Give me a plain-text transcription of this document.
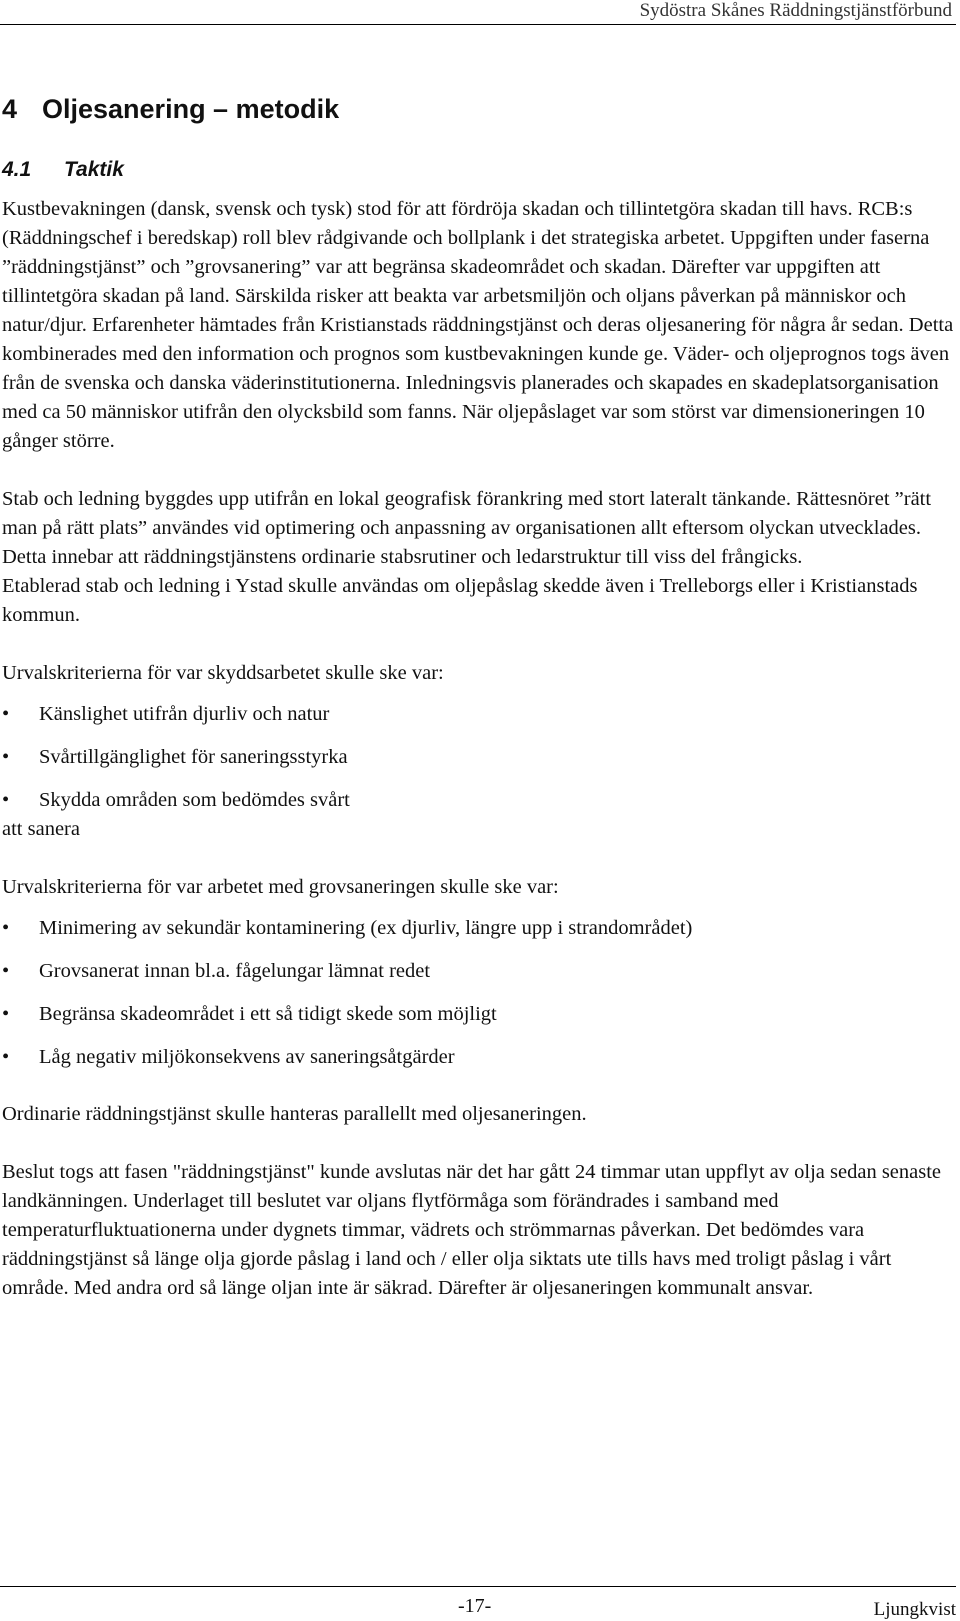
Sydöstra Skånes Räddningstjänstförbund
4 Oljesanering – metodik
4.1 Taktik

Kustbevakningen (dansk, svensk och tysk) stod för att fördröja skadan och tillintetgöra skadan till havs. RCB:s (Räddningschef i beredskap) roll blev rådgivande och bollplank i det strategiska arbetet. Uppgiften under faserna ”räddningstjänst” och ”grovsanering” var att begränsa skadeområdet och skadan. Därefter var uppgiften att tillintetgöra skadan på land. Särskilda risker att beakta var arbetsmiljön och oljans påverkan på människor och natur/djur. Erfarenheter hämtades från Kristianstads räddningstjänst och deras oljesanering för några år sedan. Detta kombinerades med den information och prognos som kustbevakningen kunde ge. Väder- och oljeprognos togs även från de svenska och danska väderinstitutionerna. Inledningsvis planerades och skapades en skadeplatsorganisation med ca 50 människor utifrån den olycksbild som fanns. När oljepåslaget var som störst var dimensioneringen 10 gånger större.

Stab och ledning byggdes upp utifrån en lokal geografisk förankring med stort lateralt tänkande. Rättesnöret ”rätt man på rätt plats” användes vid optimering och anpassning av organisationen allt eftersom olyckan utvecklades.

Detta innebar att räddningstjänstens ordinarie stabsrutiner och ledarstruktur till viss del frångicks.

Etablerad stab och ledning i Ystad skulle användas om oljepåslag skedde även i Trelleborgs eller i Kristianstads kommun.

Urvalskriterierna för var skyddsarbetet skulle ske var:

•	Känslighet utifrån djurliv och natur
•	Svårtillgänglighet för saneringsstyrka
•	Skydda områden som bedömdes svårt

att sanera

Urvalskriterierna för var arbetet med grovsaneringen skulle ske var:

•	Minimering av sekundär kontaminering (ex djurliv, längre upp i strandområdet)
•	Grovsanerat innan bl.a. fågelungar lämnat redet
•	Begränsa skadeområdet i ett så tidigt skede som möjligt
•	Låg negativ miljökonsekvens av saneringsåtgärder

Ordinarie räddningstjänst skulle hanteras parallellt med oljesaneringen.

Beslut togs att fasen "räddningstjänst" kunde avslutas när det har gått 24 timmar utan uppflyt av olja sedan senaste landkänningen. Underlaget till beslutet var oljans flytförmåga som förändrades i samband med temperaturfluktuationerna under dygnets timmar, vädrets och strömmarnas påverkan. Det bedömdes vara räddningstjänst så länge olja gjorde påslag i land och / eller olja siktats ute tills havs med troligt påslag i vårt område. Med andra ord så länge oljan inte är säkrad. Därefter är oljesaneringen kommunalt ansvar.

-17-	Ljungkvist
